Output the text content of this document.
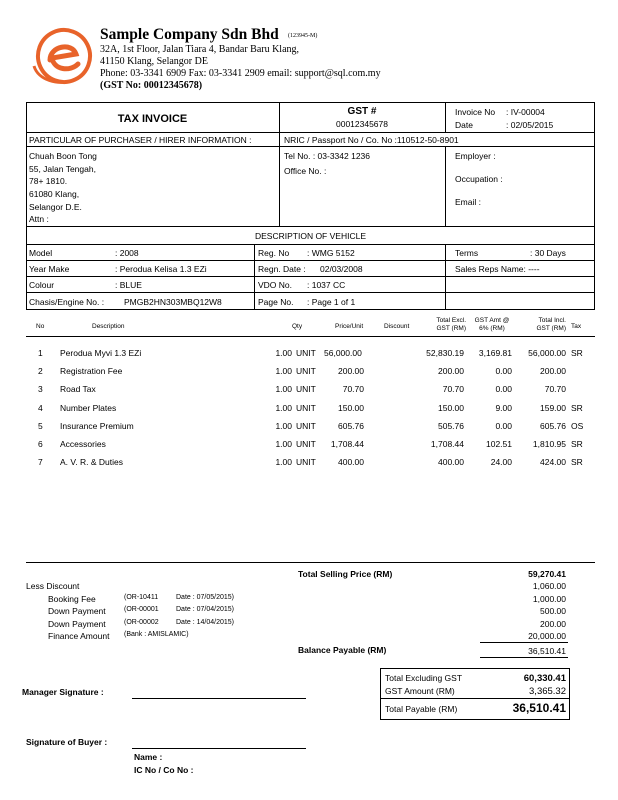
Sample Company Sdn Bhd (123945-M)
32A, 1st Floor, Jalan Tiara 4, Bandar Baru Klang,
41150 Klang, Selangor DE
Phone: 03-3341 6909 Fax: 03-3341 2909 email: support@sql.com.my
(GST No: 00012345678)
TAX INVOICE
GST #
00012345678
Invoice No : IV-00004
Date	: 02/05/2015
PARTICULAR OF PURCHASER / HIRER INFORMATION :	NRIC / Passport No / Co. No :110512-50-8901
Chuah Boon Tong
55, Jalan Tengah,
78+ 1810.
61080 Klang,
Selangor D.E.
Attn :
Tel No. : 03-3342 1236
Office No. :
Employer :
Occupation :
Email :
DESCRIPTION OF VEHICLE
Model	: 2008
Year Make	: Perodua Kelisa 1.3 EZi
Colour	: BLUE
Chasis/Engine No. : PMGB2HN303MBQ12W8
Reg. No : WMG 5152
Regn. Date : 02/03/2008
VDO No. : 1037 CC
Page No. : Page 1 of 1
Terms	: 30 Days
Sales Reps Name: ----
No	Description	Qty	Price/Unit	Discount
Total Excl.
GST (RM)
GST Amt @
6% (RM)
Total Incl.
GST (RM) Tax
1 Perodua Myvi 1.3 EZi	1.00 UNIT 56,000.00	52,830.19	3,169.81	56,000.00 SR
2 Registration Fee	1.00 UNIT	200.00	200.00	0.00	200.00
3 Road Tax	1.00 UNIT	70.70	70.70	0.00	70.70
4 Number Plates	1.00 UNIT	150.00	150.00	9.00	159.00 SR
5 Insurance Premium	1.00 UNIT	605.76	505.76	0.00	605.76 OS
6 Accessories	1.00 UNIT	1,708.44	1,708.44	102.51	1,810.95 SR
7 A. V. R. & Duties	1.00 UNIT	400.00	400.00	24.00	424.00 SR
Total Selling Price (RM)	59,270.41
Less Discount	1,060.00
Booking Fee	(OR-10411	Date : 07/05/2015)	1,000.00
Down Payment	(OR-00001 Date : 07/04/2015)	500.00
Down Payment	(OR-00002 Date : 14/04/2015)	200.00
Finance Amount (Bank : AMISLAMIC)	20,000.00
Balance Payable (RM)	36,510.41
Total Excluding GST	60,330.41
GST Amount (RM)	3,365.32
Total Payable (RM)	36,510.41
Manager Signature :
Signature of Buyer :
Name :
IC No / Co No :
